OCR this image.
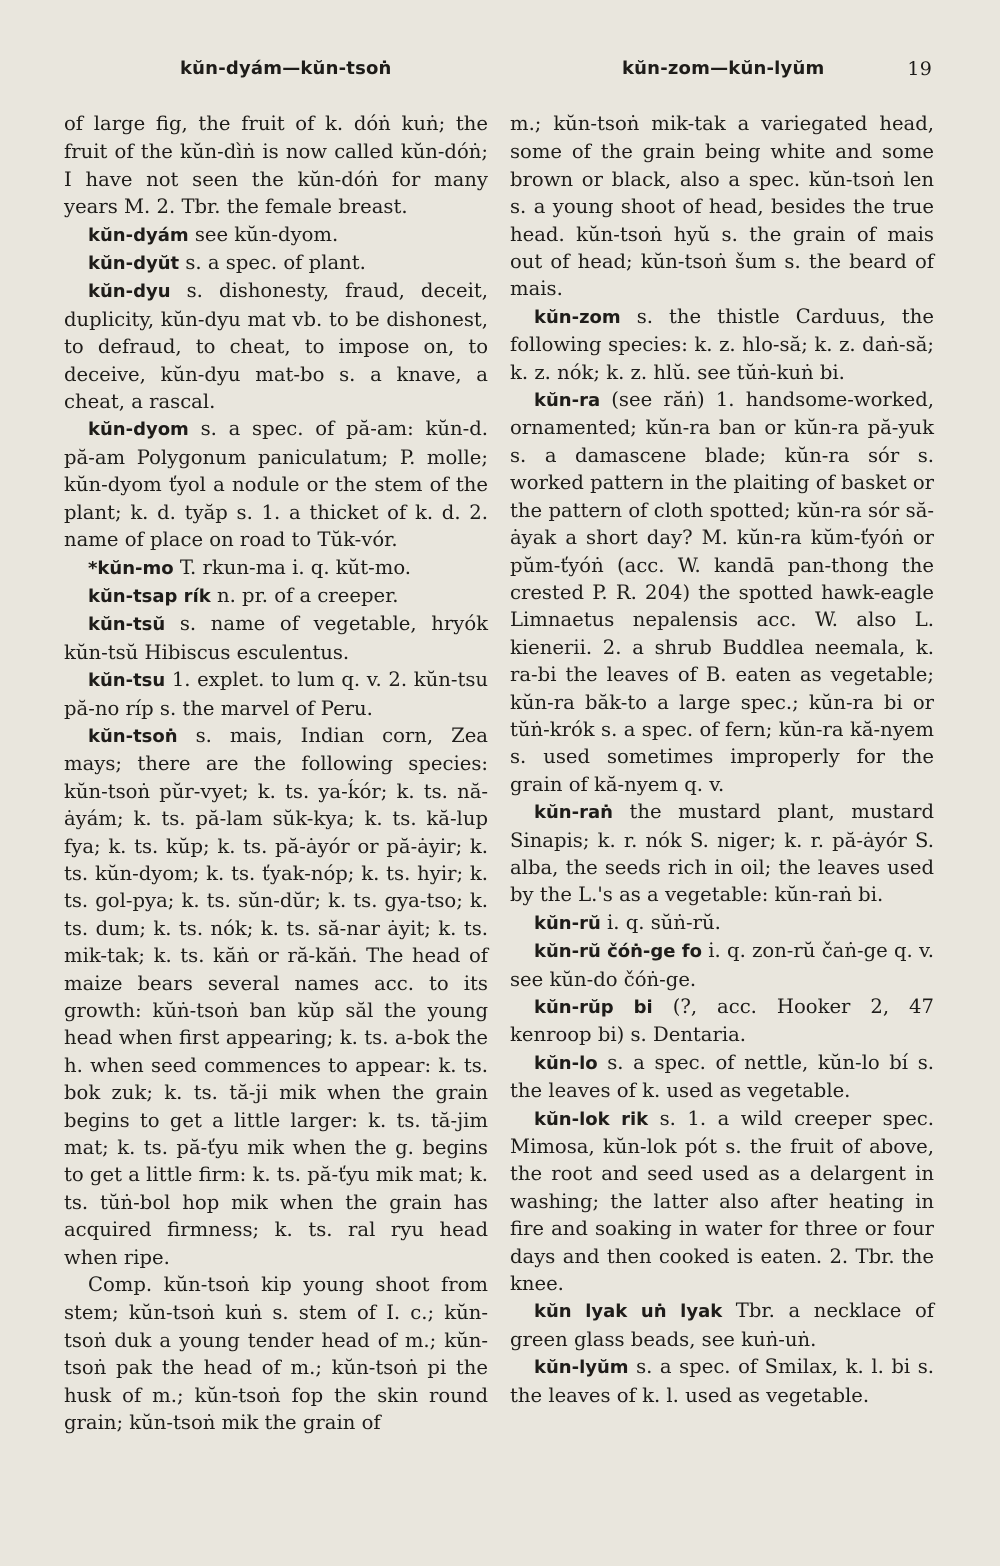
kŭn-dyám—kŭn-tsoṅ	kŭn-zom—kŭn-lyŭm	19

of large fig, the fruit of k. dóṅ kuṅ; the fruit of the kŭn-dìṅ is now called kŭn-dóṅ; I have not seen the kŭn-dóṅ for many years M. 2. Tbr. the female breast.

kŭn-dyám see kŭn-dyom.

kŭn-dyŭt s. a spec. of plant.

kŭn-dyu s. dishonesty, fraud, deceit, duplicity, kŭn-dyu mat vb. to be dishonest, to defraud, to cheat, to impose on, to deceive, kŭn-dyu mat-bo s. a knave, a cheat, a rascal.

kŭn-dyom s. a spec. of pă-am: kŭn-d. pă-am Polygonum paniculatum; P. molle; kŭn-dyom ťyol a nodule or the stem of the plant; k. d. tyăp s. 1. a thicket of k. d. 2. name of place on road to Tŭk-vór.

*kŭn-mo T. rkun-ma i. q. kŭt-mo.

kŭn-tsap rík n. pr. of a creeper.

kŭn-tsŭ s. name of vegetable, hryók kŭn-tsŭ Hibiscus esculentus.

kŭn-tsu 1. explet. to lum q. v. 2. kŭn-tsu pă-no ríp s. the marvel of Peru.

kŭn-tsoṅ s. mais, Indian corn, Zea mays; there are the following species: kŭn-tsoṅ pŭr-vyet; k. ts. ya-ḱór; k. ts. nă-ȧyám; k. ts. pă-lam sŭk-kya; k. ts. kă-lup fya; k. ts. kŭp; k. ts. pă-ȧyór or pă-ȧyir; k. ts. kŭn-dyom; k. ts. ťyak-nóp; k. ts. hyir; k. ts. gol-pya; k. ts. sŭn-dŭr; k. ts. gya-tso; k. ts. dum; k. ts. nók; k. ts. să-nar ȧyit; k. ts. mik-tak; k. ts. kăṅ or ră-kăṅ. The head of maize bears several names acc. to its growth: kŭṅ-tsoṅ ban kŭp săl the young head when first appearing; k. ts. a-bok the h. when seed commences to appear: k. ts. bok zuk; k. ts. tă-ji mik when the grain begins to get a little larger: k. ts. tă-jim mat; k. ts. pă-ťyu mik when the g. begins to get a little firm: k. ts. pă-ťyu mik mat; k. ts. tŭṅ-bol hop mik when the grain has acquired firmness; k. ts. ral ryu head when ripe.

Comp. kŭn-tsoṅ kip young shoot from stem; kŭn-tsoṅ kuṅ s. stem of I. c.; kŭn-tsoṅ duk a young tender head of m.; kŭn-tsoṅ pak the head of m.; kŭn-tsoṅ pi the husk of m.; kŭn-tsoṅ fop the skin round grain; kŭn-tsoṅ mik the grain of

m.; kŭn-tsoṅ mik-tak a variegated head, some of the grain being white and some brown or black, also a spec. kŭn-tsoṅ len s. a young shoot of head, besides the true head. kŭn-tsoṅ hyŭ s. the grain of mais out of head; kŭn-tsoṅ šum s. the beard of mais.

kŭn-zom s. the thistle Carduus, the following species: k. z. hlo-să; k. z. daṅ-să; k. z. nók; k. z. hlŭ. see tŭṅ-kuṅ bi.

kŭn-ra (see răṅ) 1. handsome-worked, ornamented; kŭn-ra ban or kŭn-ra pă-yuk s. a damascene blade; kŭn-ra sór s. worked pattern in the plaiting of basket or the pattern of cloth spotted; kŭn-ra sór să-ȧyak a short day? M. kŭn-ra kŭm-ťyóṅ or pŭm-ťyóṅ (acc. W. kandā pan-thong the crested P. R. 204) the spotted hawk-eagle Limnaetus nepalensis acc. W. also L. kienerii. 2. a shrub Buddlea neemala, k. ra-bi the leaves of B. eaten as vegetable; kŭn-ra băk-to a large spec.; kŭn-ra bi or tŭṅ-krók s. a spec. of fern; kŭn-ra kă-nyem s. used sometimes improperly for the grain of kă-nyem q. v.

kŭn-raṅ the mustard plant, mustard Sinapis; k. r. nók S. niger; k. r. pă-ȧyór S. alba, the seeds rich in oil; the leaves used by the L.'s as a vegetable: kŭn-raṅ bi.

kŭn-rŭ i. q. sŭṅ-rŭ.

kŭn-rŭ čóṅ-ge fo i. q. zon-rŭ čaṅ-ge q. v. see kŭn-do čóṅ-ge.

kŭn-rŭp bi (?, acc. Hooker 2, 47 kenroop bi) s. Dentaria.

kŭn-lo s. a spec. of nettle, kŭn-lo bí s. the leaves of k. used as vegetable.

kŭn-lok rik s. 1. a wild creeper spec. Mimosa, kŭn-lok pót s. the fruit of above, the root and seed used as a delargent in washing; the latter also after heating in fire and soaking in water for three or four days and then cooked is eaten. 2. Tbr. the knee.

kŭn lyak uṅ lyak Tbr. a necklace of green glass beads, see kuṅ-uṅ.

kŭn-lyŭm s. a spec. of Smilax, k. l. bi s. the leaves of k. l. used as vegetable.
